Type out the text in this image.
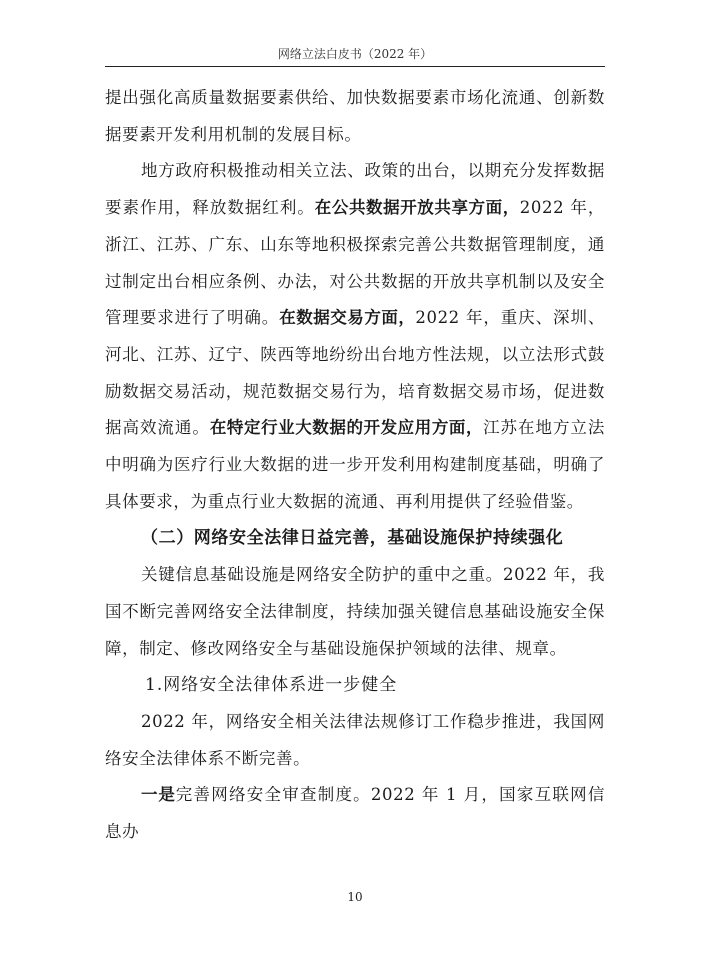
网络立法白皮书（2022 年）

提出强化高质量数据要素供给、加快数据要素市场化流通、创新数据要素开发利用机制的发展目标。

地方政府积极推动相关立法、政策的出台，以期充分发挥数据要素作用，释放数据红利。在公共数据开放共享方面，2022 年，浙江、江苏、广东、山东等地积极探索完善公共数据管理制度，通过制定出台相应条例、办法，对公共数据的开放共享机制以及安全管理要求进行了明确。在数据交易方面，2022 年，重庆、深圳、河北、江苏、辽宁、陕西等地纷纷出台地方性法规，以立法形式鼓励数据交易活动，规范数据交易行为，培育数据交易市场，促进数据高效流通。在特定行业大数据的开发应用方面，江苏在地方立法中明确为医疗行业大数据的进一步开发利用构建制度基础，明确了具体要求，为重点行业大数据的流通、再利用提供了经验借鉴。

（二）网络安全法律日益完善，基础设施保护持续强化

关键信息基础设施是网络安全防护的重中之重。2022 年，我国不断完善网络安全法律制度，持续加强关键信息基础设施安全保障，制定、修改网络安全与基础设施保护领域的法律、规章。

1.网络安全法律体系进一步健全

2022 年，网络安全相关法律法规修订工作稳步推进，我国网络安全法律体系不断完善。

一是完善网络安全审查制度。2022 年 1 月，国家互联网信息办

10
